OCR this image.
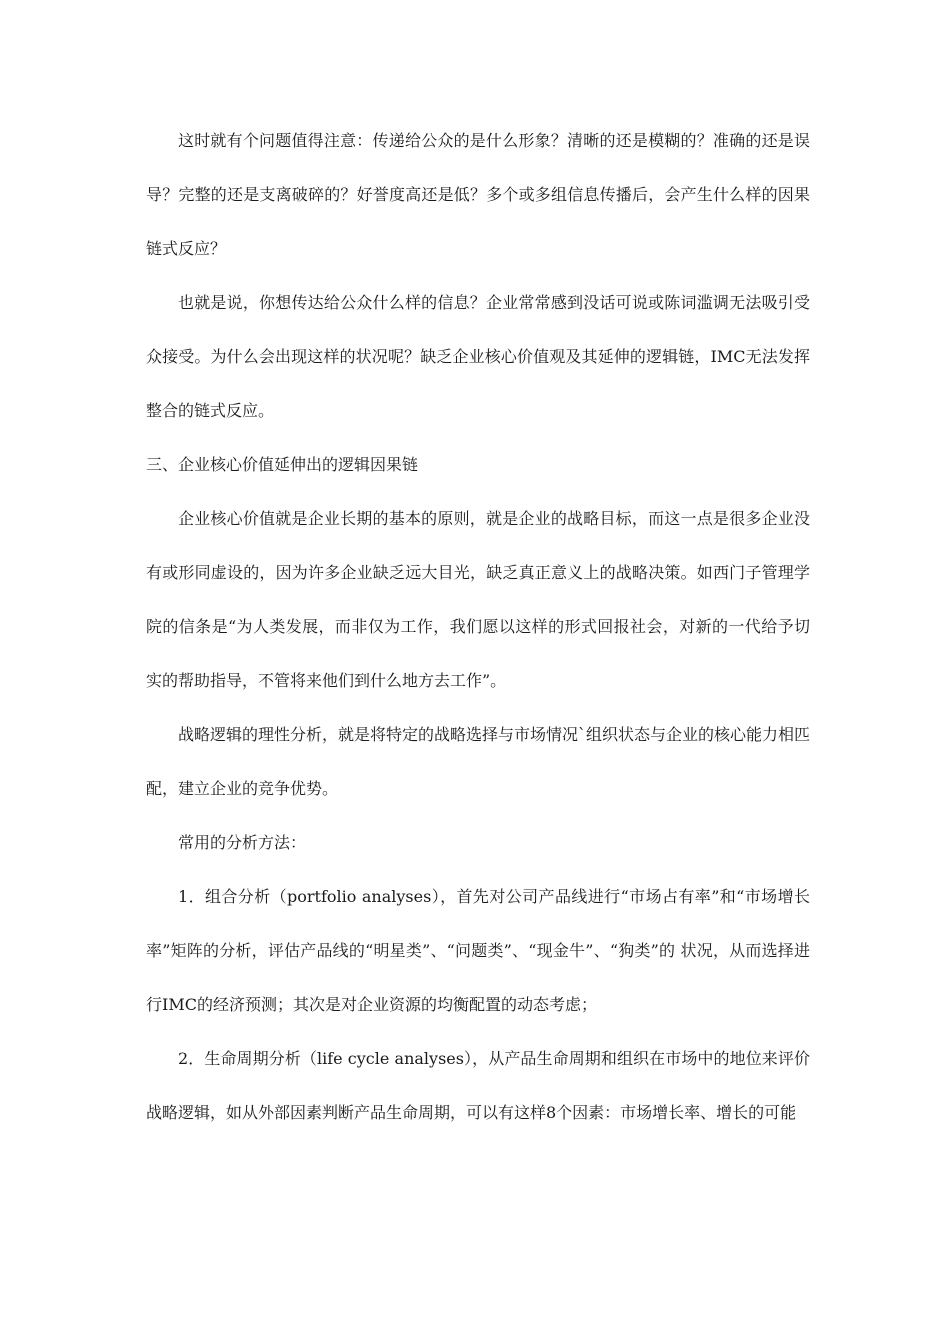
这时就有个问题值得注意：传递给公众的是什么形象？清晰的还是模糊的？准确的还是误导？完整的还是支离破碎的？好誉度高还是低？多个或多组信息传播后，会产生什么样的因果链式反应？

也就是说，你想传达给公众什么样的信息？企业常常感到没话可说或陈词滥调无法吸引受众接受。为什么会出现这样的状况呢？缺乏企业核心价值观及其延伸的逻辑链，IMC无法发挥整合的链式反应。

三、企业核心价值延伸出的逻辑因果链

企业核心价值就是企业长期的基本的原则，就是企业的战略目标，而这一点是很多企业没有或形同虚设的，因为许多企业缺乏远大目光，缺乏真正意义上的战略决策。如西门子管理学院的信条是“为人类发展，而非仅为工作，我们愿以这样的形式回报社会，对新的一代给予切实的帮助指导，不管将来他们到什么地方去工作”。

战略逻辑的理性分析，就是将特定的战略选择与市场情况`组织状态与企业的核心能力相匹配，建立企业的竞争优势。

常用的分析方法：

1．组合分析（portfolio analyses），首先对公司产品线进行“市场占有率”和“市场增长率”矩阵的分析，评估产品线的“明星类”、“问题类”、“现金牛”、“狗类”的 状况，从而选择进行IMC的经济预测；其次是对企业资源的均衡配置的动态考虑；

2．生命周期分析（life cycle analyses），从产品生命周期和组织在市场中的地位来评价战略逻辑，如从外部因素判断产品生命周期，可以有这样8个因素：市场增长率、增长的可能
